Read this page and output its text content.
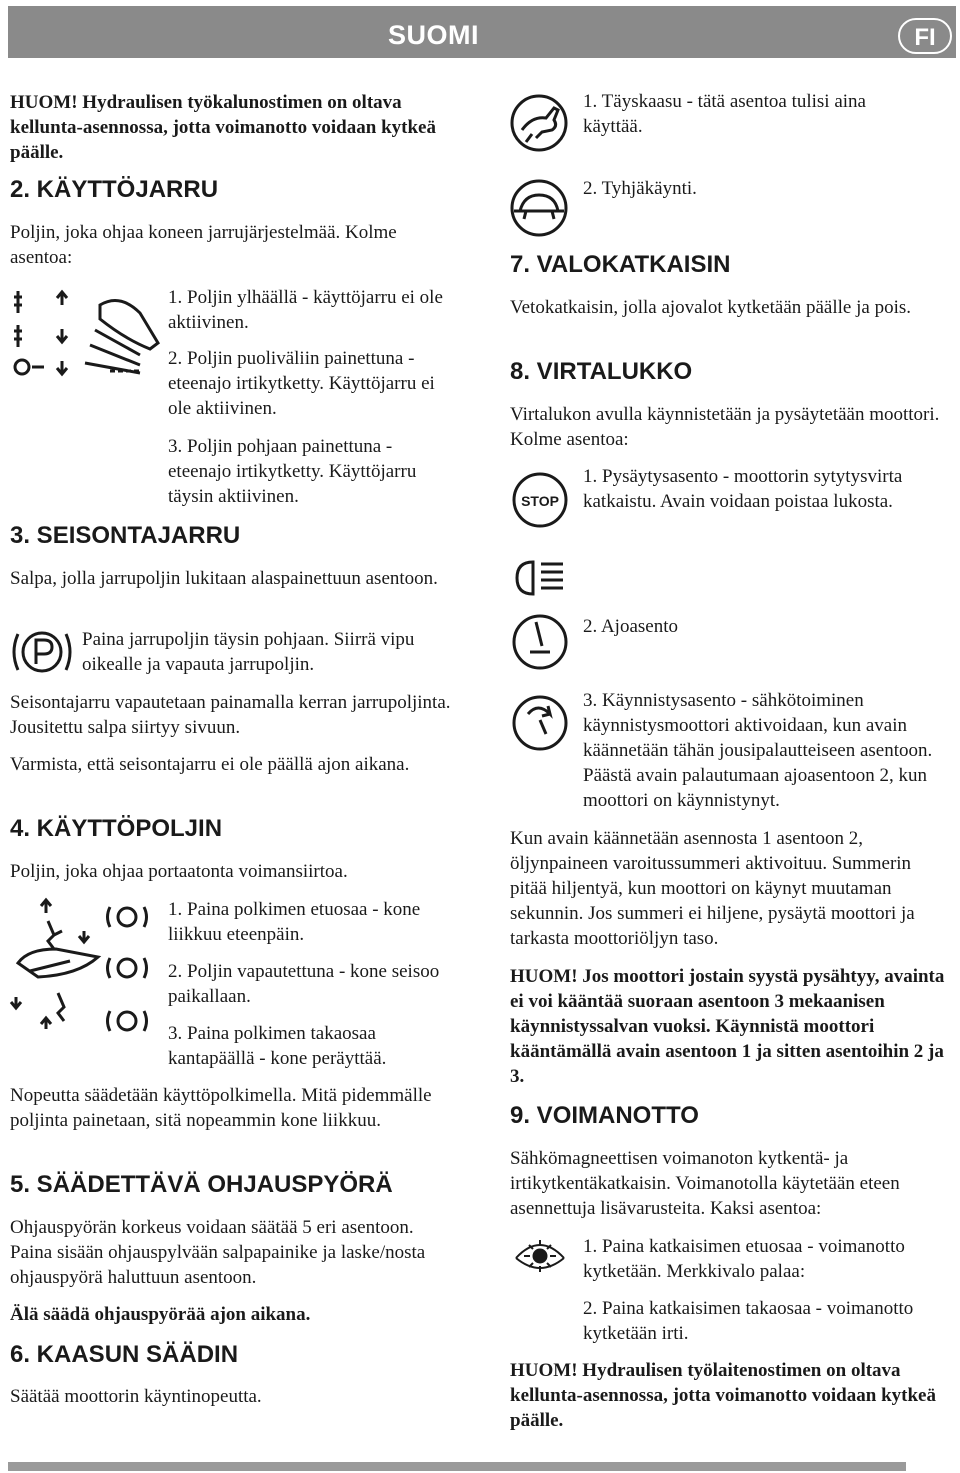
SUOMI	FI

HUOM! Hydraulisen työkalunostimen on oltava kellunta-asennossa, jotta voimanotto voidaan kytkeä päälle.

2. KÄYTTÖJARRU

Poljin, joka ohjaa koneen jarrujärjestelmää. Kolme asentoa:

1. Poljin ylhäällä - käyttöjarru ei ole aktiivinen.

2. Poljin puoliväliin painettuna - eteenajo irtikytketty. Käyttöjarru ei ole aktiivinen.

3. Poljin pohjaan painettuna - eteenajo irtikytketty. Käyttöjarru täysin aktiivinen.

3. SEISONTAJARRU

Salpa, jolla jarrupoljin lukitaan alaspainettuun asentoon.

Paina jarrupoljin täysin pohjaan. Siirrä vipu oikealle ja vapauta jarrupoljin.

Seisontajarru vapautetaan painamalla kerran jarrupoljinta. Jousitettu salpa siirtyy sivuun.

Varmista, että seisontajarru ei ole päällä ajon aikana.

4. KÄYTTÖPOLJIN

Poljin, joka ohjaa portaatonta voimansiirtoa.

1. Paina polkimen etuosaa - kone liikkuu eteenpäin.

2. Poljin vapautettuna - kone seisoo paikallaan.

3. Paina polkimen takaosaa kantapäällä - kone peräyttää.

Nopeutta säädetään käyttöpolkimella. Mitä pidemmälle poljinta painetaan, sitä nopeammin kone liikkuu.

5. SÄÄDETTÄVÄ OHJAUSPYÖRÄ

Ohjauspyörän korkeus voidaan säätää 5 eri asentoon. Paina sisään ohjauspylvään salpapainike ja laske/nosta ohjauspyörä haluttuun asentoon.

Älä säädä ohjauspyörää ajon aikana.

6. KAASUN SÄÄDIN

Säätää moottorin käyntinopeutta.

1. Täyskaasu - tätä asentoa tulisi aina käyttää.

2. Tyhjäkäynti.

7. VALOKATKAISIN

Vetokatkaisin, jolla ajovalot kytketään päälle ja pois.

8. VIRTALUKKO

Virtalukon avulla käynnistetään ja pysäytetään moottori. Kolme asentoa:

STOP

1. Pysäytysasento - moottorin sytytysvirta katkaistu. Avain voidaan poistaa lukosta.

2. Ajoasento

3. Käynnistysasento - sähkötoiminen käynnistysmoottori aktivoidaan, kun avain käännetään tähän jousipalautteiseen asentoon. Päästä avain palautumaan ajoasentoon 2, kun moottori on käynnistynyt.

Kun avain käännetään asennosta 1 asentoon 2, öljynpaineen varoitussummeri aktivoituu. Summerin pitää hiljentyä, kun moottori on käynyt muutaman sekunnin. Jos summeri ei hiljene, pysäytä moottori ja tarkasta moottoriöljyn taso.

HUOM! Jos moottori jostain syystä pysähtyy, avainta ei voi kääntää suoraan asentoon 3 mekaanisen käynnistyssalvan vuoksi. Käynnistä moottori kääntämällä avain asentoon 1 ja sitten asentoihin 2 ja 3.

9. VOIMANOTTO

Sähkömagneettisen voimanoton kytkentä- ja irtikytkentäkatkaisin. Voimanotolla käytetään eteen asennettuja lisävarusteita. Kaksi asentoa:

1. Paina katkaisimen etuosaa - voimanotto kytketään. Merkkivalo palaa:

2. Paina katkaisimen takaosaa - voimanotto kytketään irti.

HUOM! Hydraulisen työlaitenostimen on oltava kellunta-asennossa, jotta voimanotto voidaan kytkeä päälle.
